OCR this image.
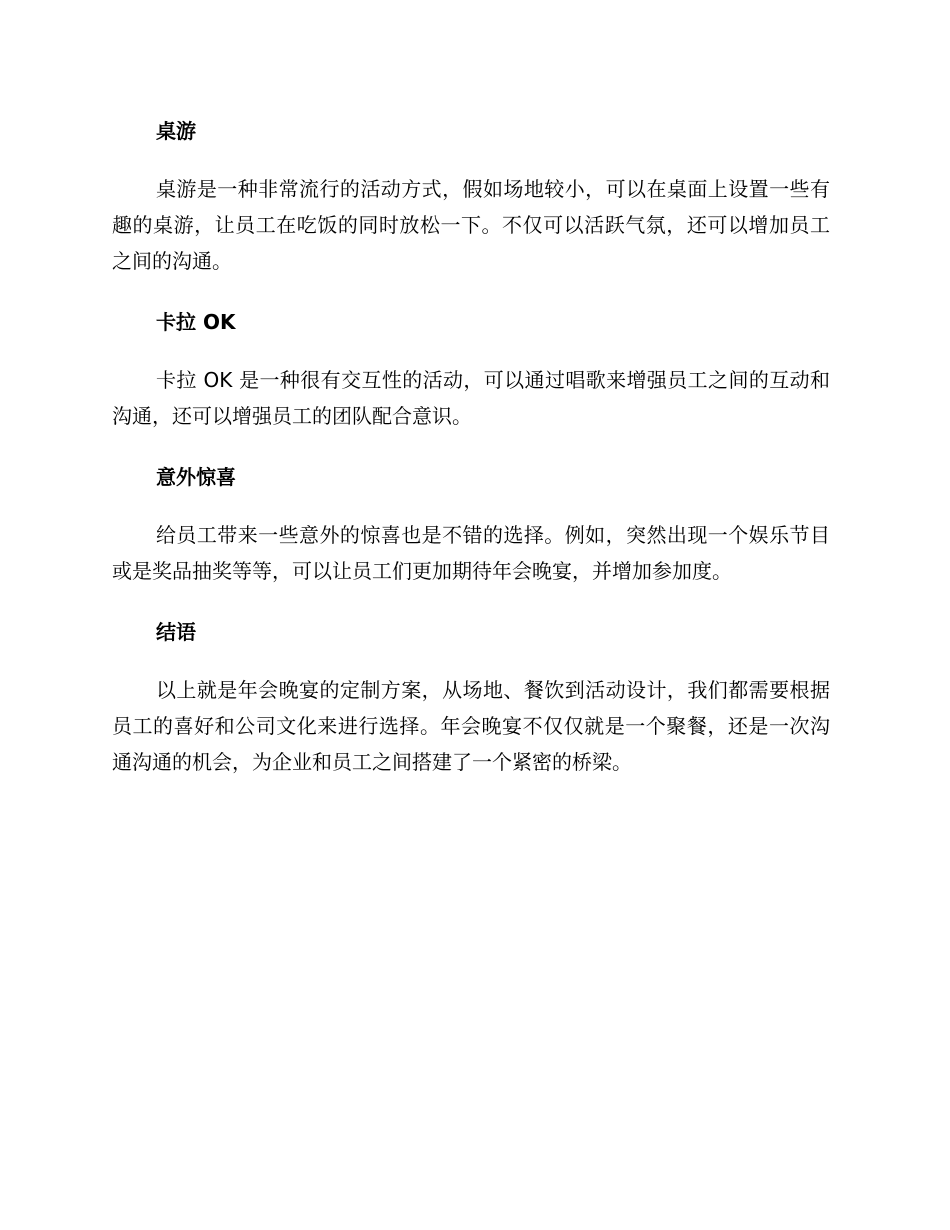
桌游

桌游是一种非常流行的活动方式，假如场地较小，可以在桌面上设置一些有趣的桌游，让员工在吃饭的同时放松一下。不仅可以活跃气氛，还可以增加员工之间的沟通。

卡拉 OK

卡拉 OK 是一种很有交互性的活动，可以通过唱歌来增强员工之间的互动和沟通，还可以增强员工的团队配合意识。

意外惊喜

给员工带来一些意外的惊喜也是不错的选择。例如，突然出现一个娱乐节目或是奖品抽奖等等，可以让员工们更加期待年会晚宴，并增加参加度。

结语

以上就是年会晚宴的定制方案，从场地、餐饮到活动设计，我们都需要根据员工的喜好和公司文化来进行选择。年会晚宴不仅仅就是一个聚餐，还是一次沟通沟通的机会，为企业和员工之间搭建了一个紧密的桥梁。
